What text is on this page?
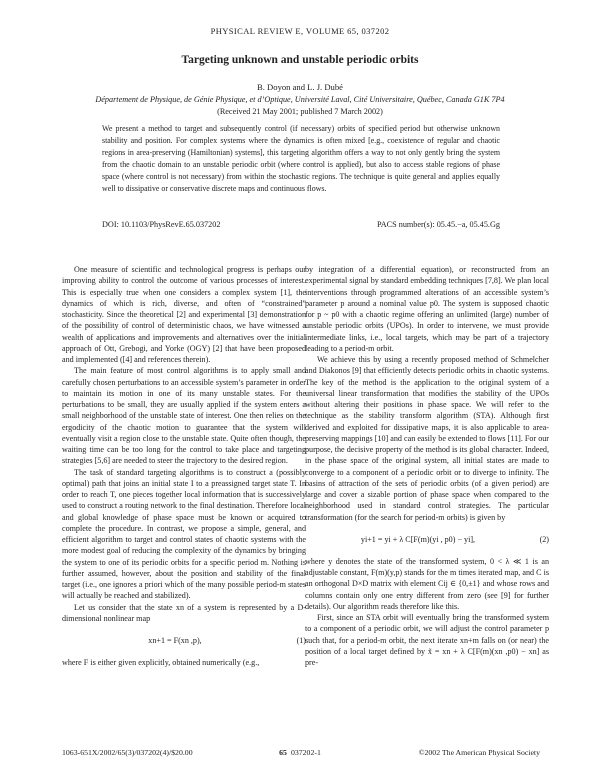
PHYSICAL REVIEW E, VOLUME 65, 037202
Targeting unknown and unstable periodic orbits
B. Doyon and L. J. Dubé
Département de Physique, de Génie Physique, et d’Optique, Université Laval, Cité Universitaire, Québec, Canada G1K 7P4
(Received 21 May 2001; published 7 March 2002)
We present a method to target and subsequently control (if necessary) orbits of specified period but otherwise unknown stability and position. For complex systems where the dynamics is often mixed [e.g., coexistence of regular and chaotic regions in area-preserving (Hamiltonian) systems], this targeting algorithm offers a way to not only gently bring the system from the chaotic domain to an unstable periodic orbit (where control is applied), but also to access stable regions of phase space (where control is not necessary) from within the stochastic regions. The technique is quite general and applies equally well to dissipative or conservative discrete maps and continuous flows.
DOI: 10.1103/PhysRevE.65.037202	PACS number(s): 05.45.−a, 05.45.Gg

One measure of scientific and technological progress is perhaps our improving ability to control the outcome of various processes of interest. This is especially true when one considers a complex system [1], the dynamics of which is rich, diverse, and often of “constrained” stochasticity. Since the theoretical [2] and experimental [3] demonstration of the possibility of control of deterministic chaos, we have witnessed a wealth of applications and improvements and alternatives over the initial approach of Ott, Grebogi, and Yorke (OGY) [2] that have been proposed and implemented ([4] and references therein).

The main feature of most control algorithms is to apply small and carefully chosen perturbations to an accessible system’s parameter in order to maintain its motion in one of its many unstable states. For the perturbations to be small, they are usually applied if the system enters a small neighborhood of the unstable state of interest. One then relies on the ergodicity of the chaotic motion to guarantee that the system will eventually visit a region close to the unstable state. Quite often though, the waiting time can be too long for the control to take place and targeting strategies [5,6] are needed to steer the trajectory to the desired region.

The task of standard targeting algorithms is to construct a (possibly optimal) path that joins an initial state I to a preassigned target state T. In order to reach T, one pieces together local information that is successively used to construct a routing network to the final destination. Therefore local and global knowledge of phase space must be known or acquired to complete the procedure. In contrast, we propose a simple, general, and efficient algorithm to target and control states of chaotic systems with the more modest goal of reducing the complexity of the dynamics by bringing the system to one of its periodic orbits for a specific period m. Nothing is further assumed, however, about the position and stability of the final target (i.e., one ignores a priori which of the many possible period-m states will actually be reached and stabilized).

Let us consider that the state xn of a system is represented by a D-dimensional nonlinear map

xn+1 = F(xn ,p),	(1)

where F is either given explicitly, obtained numerically (e.g.,

by integration of a differential equation), or reconstructed from an experimental signal by standard embedding techniques [7,8]. We plan local interventions through programmed alterations of an accessible system’s parameter p around a nominal value p0. The system is supposed chaotic for p ~ p0 with a chaotic regime offering an unlimited (large) number of unstable periodic orbits (UPOs). In order to intervene, we must provide intermediate links, i.e., local targets, which may be part of a trajectory leading to a period-m orbit.

We achieve this by using a recently proposed method of Schmelcher and Diakonos [9] that efficiently detects periodic orbits in chaotic systems. The key of the method is the application to the original system of a universal linear transformation that modifies the stability of the UPOs without altering their positions in phase space. We will refer to the technique as the stability transform algorithm (STA). Although first derived and exploited for dissipative maps, it is also applicable to area-preserving mappings [10] and can easily be extended to flows [11]. For our purpose, the decisive property of the method is its global character. Indeed, in the phase space of the original system, all initial states are made to converge to a component of a periodic orbit or to diverge to infinity. The basins of attraction of the sets of periodic orbits (of a given period) are large and cover a sizable portion of phase space when compared to the neighborhood used in standard control strategies. The particular transformation (for the search for period-m orbits) is given by

yi+1 = yi + λ C[F(m)(yi , p0) − yi],	(2)

where y denotes the state of the transformed system, 0 < λ ≪ 1 is an adjustable constant, F(m)(y,p) stands for the m times iterated map, and C is an orthogonal D×D matrix with element Cij ∈ {0,±1} and whose rows and columns contain only one entry different from zero (see [9] for further details). Our algorithm reads therefore like this.

First, since an STA orbit will eventually bring the transformed system to a component of a periodic orbit, we will adjust the control parameter p such that, for a period-m orbit, the next iterate xn+m falls on (or near) the position of a local target defined by x̃ = xn + λ C[F(m)(xn ,p0) − xn] as pre-

1063-651X/2002/65(3)/037202(4)/$20.00	65 037202-1	©2002 The American Physical Society
